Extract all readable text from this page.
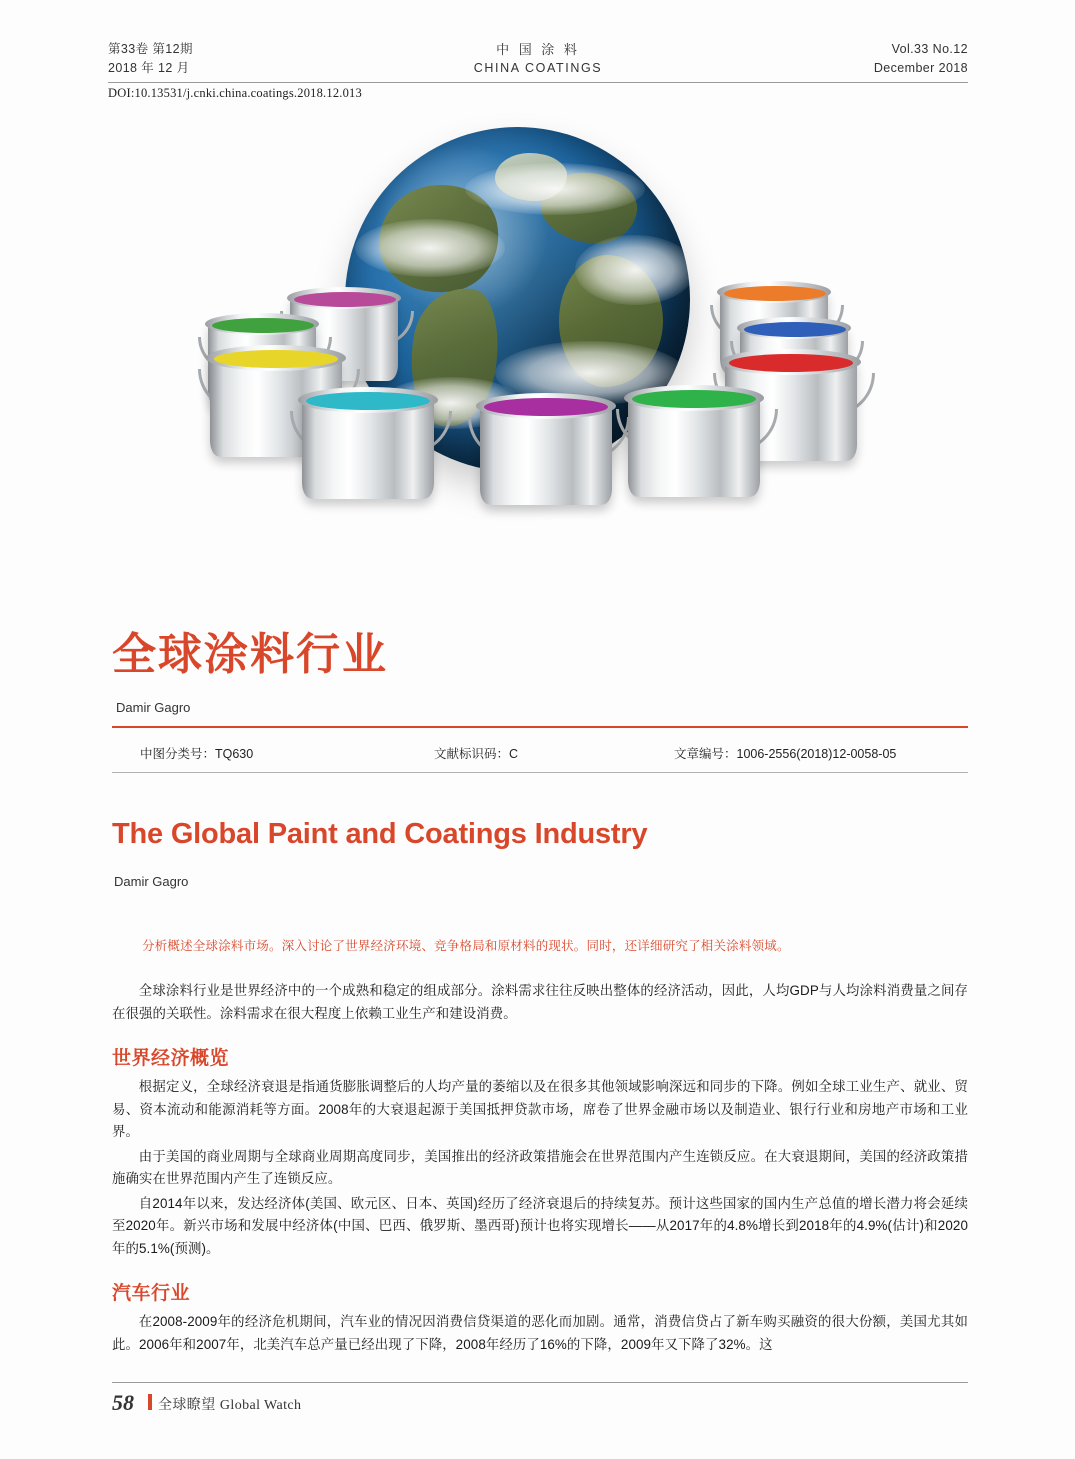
第33卷 第12期
2018 年 12 月
中 国 涂 料
CHINA COATINGS
Vol.33 No.12
December 2018
DOI:10.13531/j.cnki.china.coatings.2018.12.013
全球涂料行业
Damir Gagro
中图分类号：TQ630	文献标识码：C	文章编号：1006-2556(2018)12-0058-05
The Global Paint and Coatings Industry
Damir Gagro
分析概述全球涂料市场。深入讨论了世界经济环境、竞争格局和原材料的现状。同时，还详细研究了相关涂料领域。

全球涂料行业是世界经济中的一个成熟和稳定的组成部分。涂料需求往往反映出整体的经济活动，因此，人均GDP与人均涂料消费量之间存在很强的关联性。涂料需求在很大程度上依赖工业生产和建设消费。

世界经济概览

根据定义，全球经济衰退是指通货膨胀调整后的人均产量的萎缩以及在很多其他领域影响深远和同步的下降。例如全球工业生产、就业、贸易、资本流动和能源消耗等方面。2008年的大衰退起源于美国抵押贷款市场，席卷了世界金融市场以及制造业、银行行业和房地产市场和工业界。

由于美国的商业周期与全球商业周期高度同步，美国推出的经济政策措施会在世界范围内产生连锁反应。在大衰退期间，美国的经济政策措施确实在世界范围内产生了连锁反应。

自2014年以来，发达经济体(美国、欧元区、日本、英国)经历了经济衰退后的持续复苏。预计这些国家的国内生产总值的增长潜力将会延续至2020年。新兴市场和发展中经济体(中国、巴西、俄罗斯、墨西哥)预计也将实现增长——从2017年的4.8%增长到2018年的4.9%(估计)和2020年的5.1%(预测)。

汽车行业

在2008-2009年的经济危机期间，汽车业的情况因消费信贷渠道的恶化而加剧。通常，消费信贷占了新车购买融资的很大份额，美国尤其如此。2006年和2007年，北美汽车总产量已经出现了下降，2008年经历了16%的下降，2009年又下降了32%。这

58 全球瞭望 Global Watch
